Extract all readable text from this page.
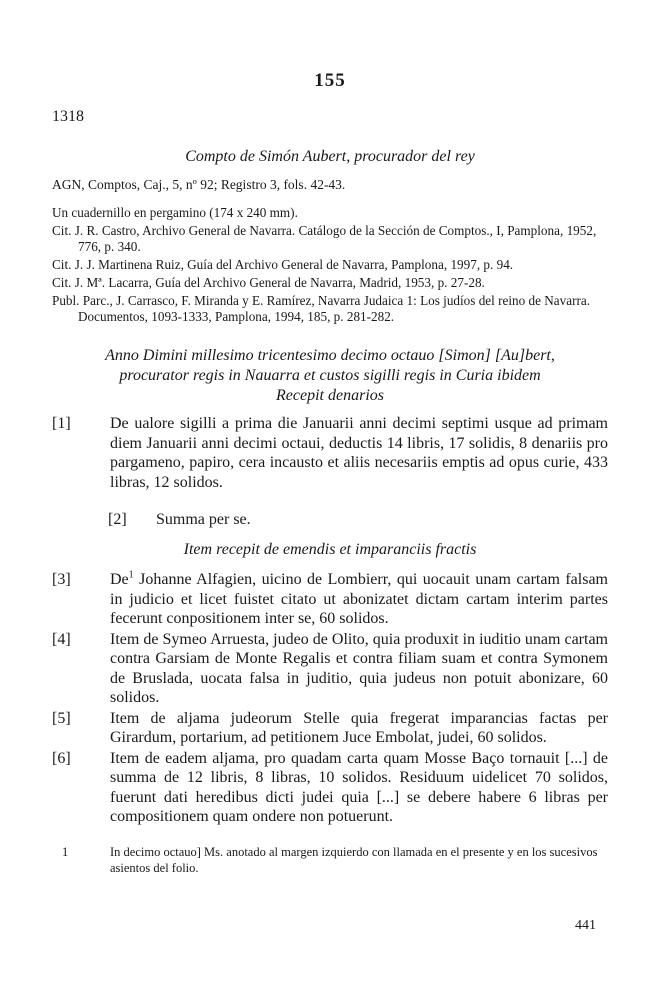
155
1318
Compto de Simón Aubert, procurador del rey
AGN, Comptos, Caj., 5, nº 92; Registro 3, fols. 42-43.
Un cuadernillo en pergamino (174 x 240 mm).
Cit. J. R. Castro, Archivo General de Navarra. Catálogo de la Sección de Comptos., I, Pamplona, 1952, 776, p. 340.
Cit. J. J. Martinena Ruiz, Guía del Archivo General de Navarra, Pamplona, 1997, p. 94.
Cit. J. Mª. Lacarra, Guía del Archivo General de Navarra, Madrid, 1953, p. 27-28.
Publ. Parc., J. Carrasco, F. Miranda y E. Ramírez, Navarra Judaica 1: Los judíos del reino de Navarra. Documentos, 1093-1333, Pamplona, 1994, 185, p. 281-282.
Anno Dimini millesimo tricentesimo decimo octauo [Simon] [Au]bert,
procurator regis in Nauarra et custos sigilli regis in Curia ibidem
Recepit denarios
[1] De ualore sigilli a prima die Januarii anni decimi septimi usque ad primam diem Januarii anni decimi octaui, deductis 14 libris, 17 solidis, 8 denariis pro pargameno, papiro, cera incausto et aliis necesariis emptis ad opus curie, 433 libras, 12 solidos.
[2] Summa per se.
Item recepit de emendis et imparanciis fractis
[3] De$^1$ Johanne Alfagien, uicino de Lombierr, qui uocauit unam cartam falsam in judicio et licet fuistet citato ut abonizatet dictam cartam interim partes fecerunt conpositionem inter se, 60 solidos.
[4] Item de Symeo Arruesta, judeo de Olito, quia produxit in iuditio unam cartam contra Garsiam de Monte Regalis et contra filiam suam et contra Symonem de Bruslada, uocata falsa in juditio, quia judeus non potuit abonizare, 60 solidos.
[5] Item de aljama judeorum Stelle quia fregerat imparancias factas per Girardum, portarium, ad petitionem Juce Embolat, judei, 60 solidos.
[6] Item de eadem aljama, pro quadam carta quam Mosse Baço tornauit [...] de summa de 12 libris, 8 libras, 10 solidos. Residuum uidelicet 70 solidos, fuerunt dati heredibus dicti judei quia [...] se debere habere 6 libras per compositionem quam ondere non potuerunt.
1	In decimo octauo] Ms. anotado al margen izquierdo con llamada en el presente y en los sucesivos asientos del folio.
441
